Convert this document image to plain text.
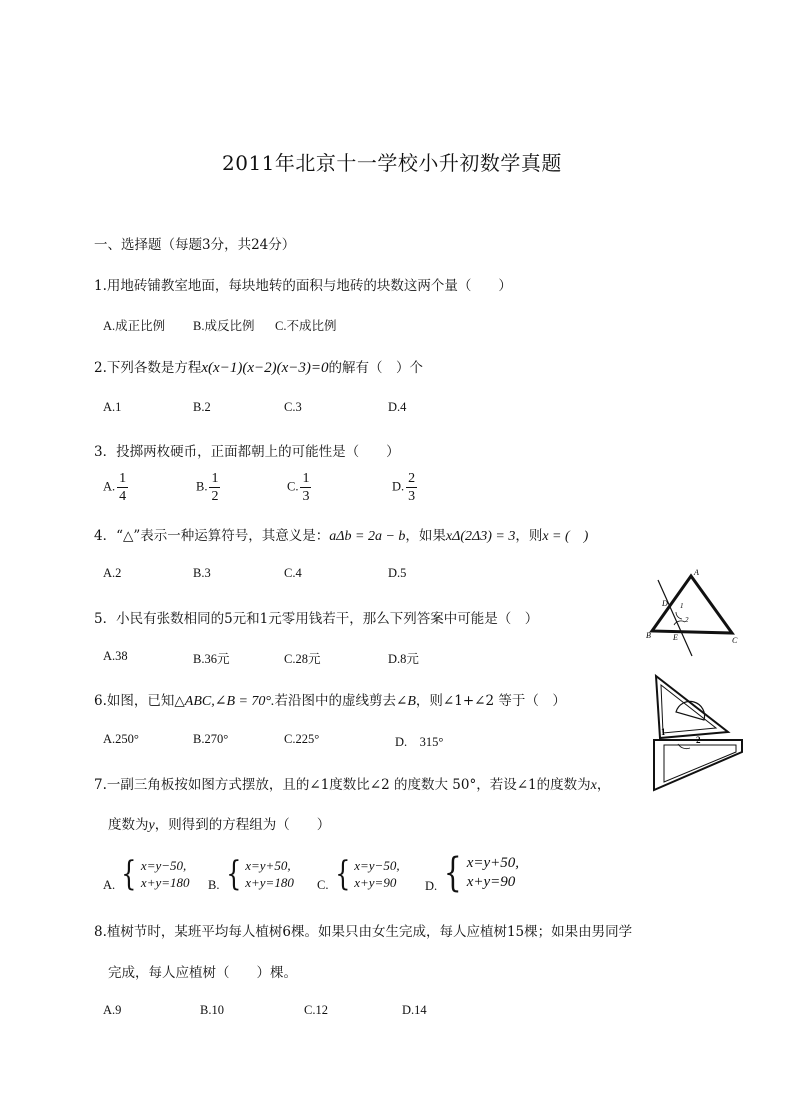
2011年北京十一学校小升初数学真题
一、选择题（每题3分，共24分）
1.用地砖铺教室地面，每块地转的面积与地砖的块数这两个量（　　）
A.成正比例 B.成反比例 C.不成比例
2.下列各数是方程x(x−1)(x−2)(x−3)=0的解有（　）个
A.1	B.2	C.3	D.4
3．投掷两枚硬币，正面都朝上的可能性是（　　）
A. $\frac{1}{4}$	B. $\frac{1}{2}$	C. $\frac{1}{3}$	D. $\frac{2}{3}$
4．“△”表示一种运算符号，其意义是：aΔb = 2a − b，如果xΔ(2Δ3) = 3，则x = (　)
A.2	B.3	C.4	D.5
5．小民有张数相同的5元和1元零用钱若干，那么下列答案中可能是（　）
A.38	B.36元	C.28元	D.8元
6.如图，已知△ABC,∠B = 70°.若沿图中的虚线剪去∠B，则∠1+∠2 等于（　）
A.250°	B.270°	C.225°	D.　315°
7.一副三角板按如图方式摆放，且的∠1度数比∠2 的度数大 50°，若设∠1的度数为x，
度数为y，则得到的方程组为（　　）
A. { x=y−50,
x+y=180 B. { x=y+50,
x+y=180 C. { x=y−50,
x+y=90 D. { x=y+50,
x+y=90
8.植树节时，某班平均每人植树6棵。如果只由女生完成，每人应植树15棵；如果由男同学
完成，每人应植树（　　）棵。
A.9	B.10	C.12	D.14
A
B
C
D
E
1
2
1
2
